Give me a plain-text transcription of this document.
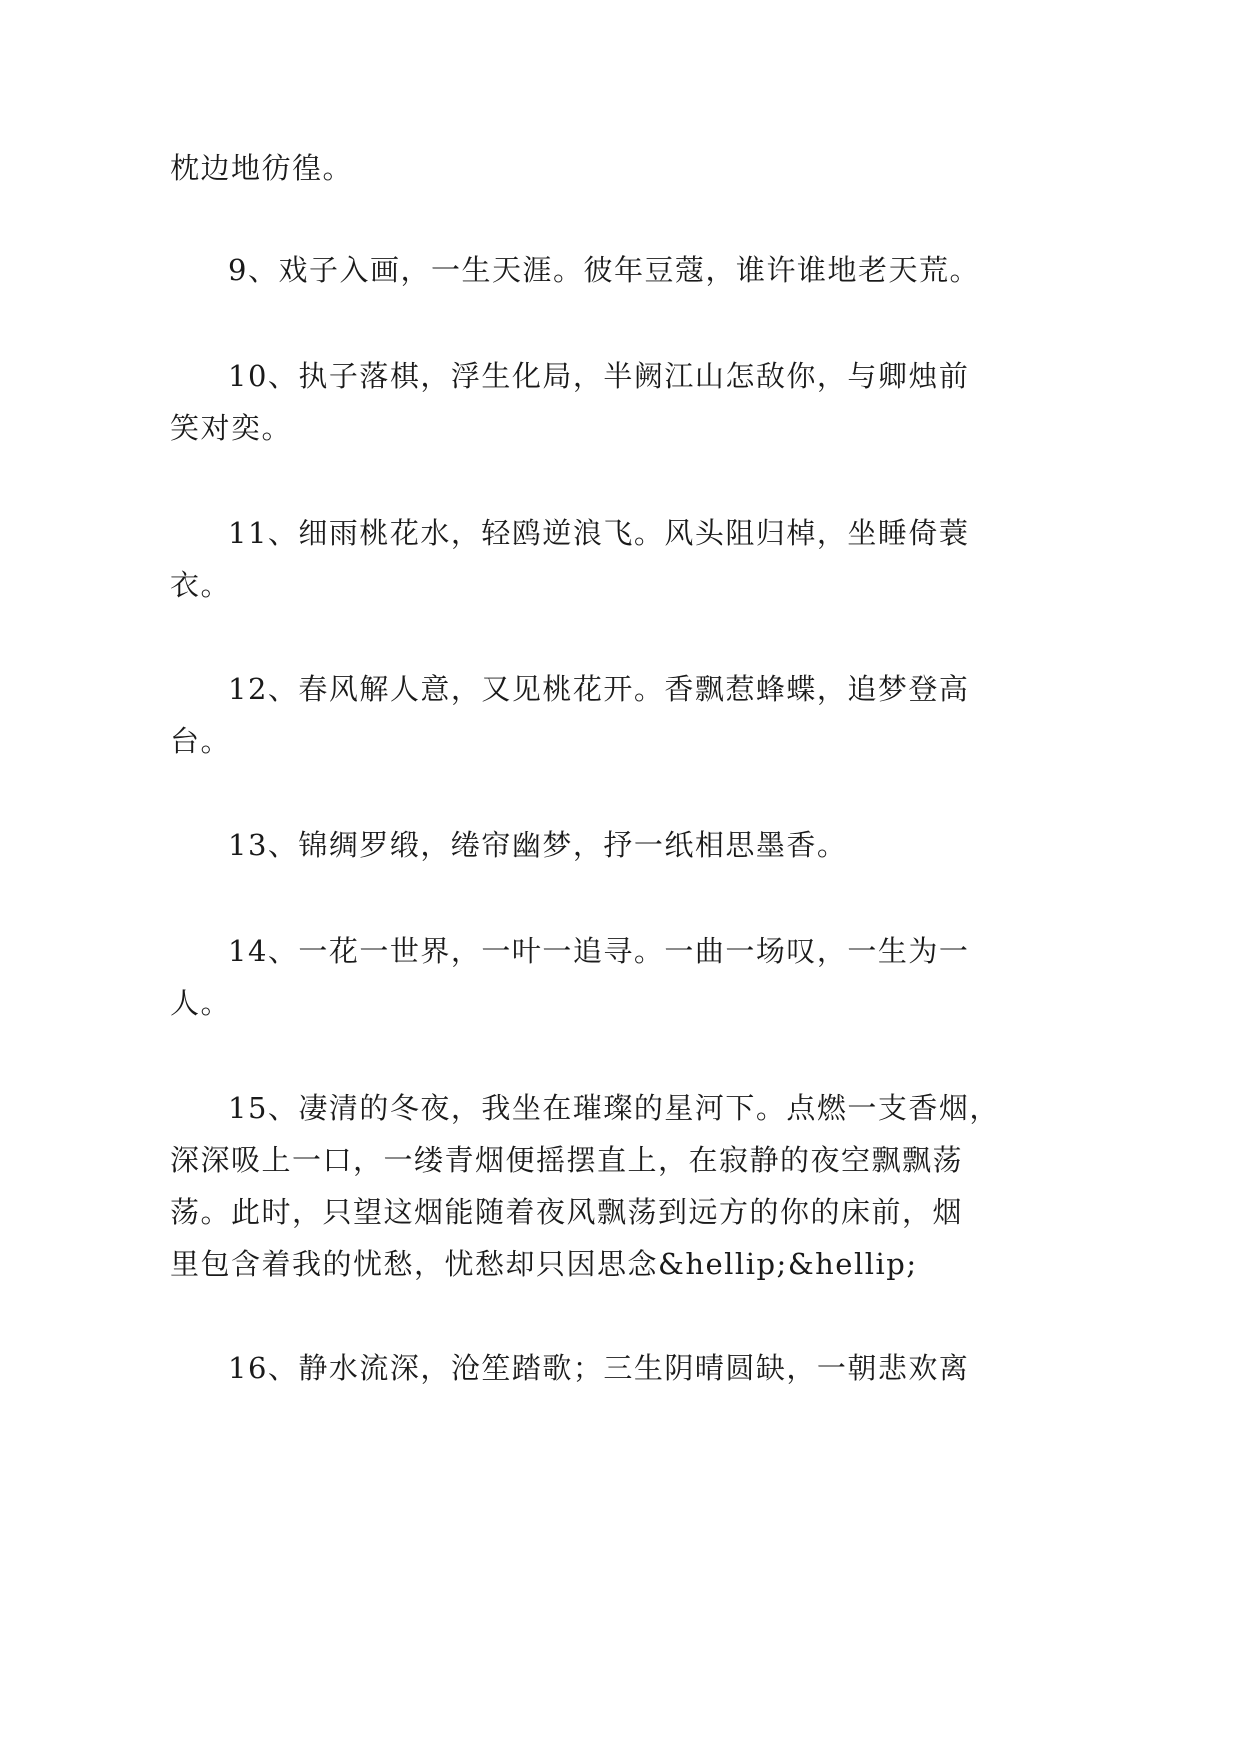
枕边地彷徨。

9、戏子入画，一生天涯。彼年豆蔻，谁许谁地老天荒。

10、执子落棋，浮生化局，半阙江山怎敌你，与卿烛前

笑对奕。

11、细雨桃花水，轻鸥逆浪飞。风头阻归棹，坐睡倚蓑

衣。

12、春风解人意，又见桃花开。香飘惹蜂蝶，追梦登高

台。

13、锦绸罗缎，绻帘幽梦，抒一纸相思墨香。

14、一花一世界，一叶一追寻。一曲一场叹，一生为一

人。

15、凄清的冬夜，我坐在璀璨的星河下。点燃一支香烟，

深深吸上一口，一缕青烟便摇摆直上，在寂静的夜空飘飘荡

荡。此时，只望这烟能随着夜风飘荡到远方的你的床前，烟

里包含着我的忧愁，忧愁却只因思念&hellip;&hellip;

16、静水流深，沧笙踏歌；三生阴晴圆缺，一朝悲欢离
